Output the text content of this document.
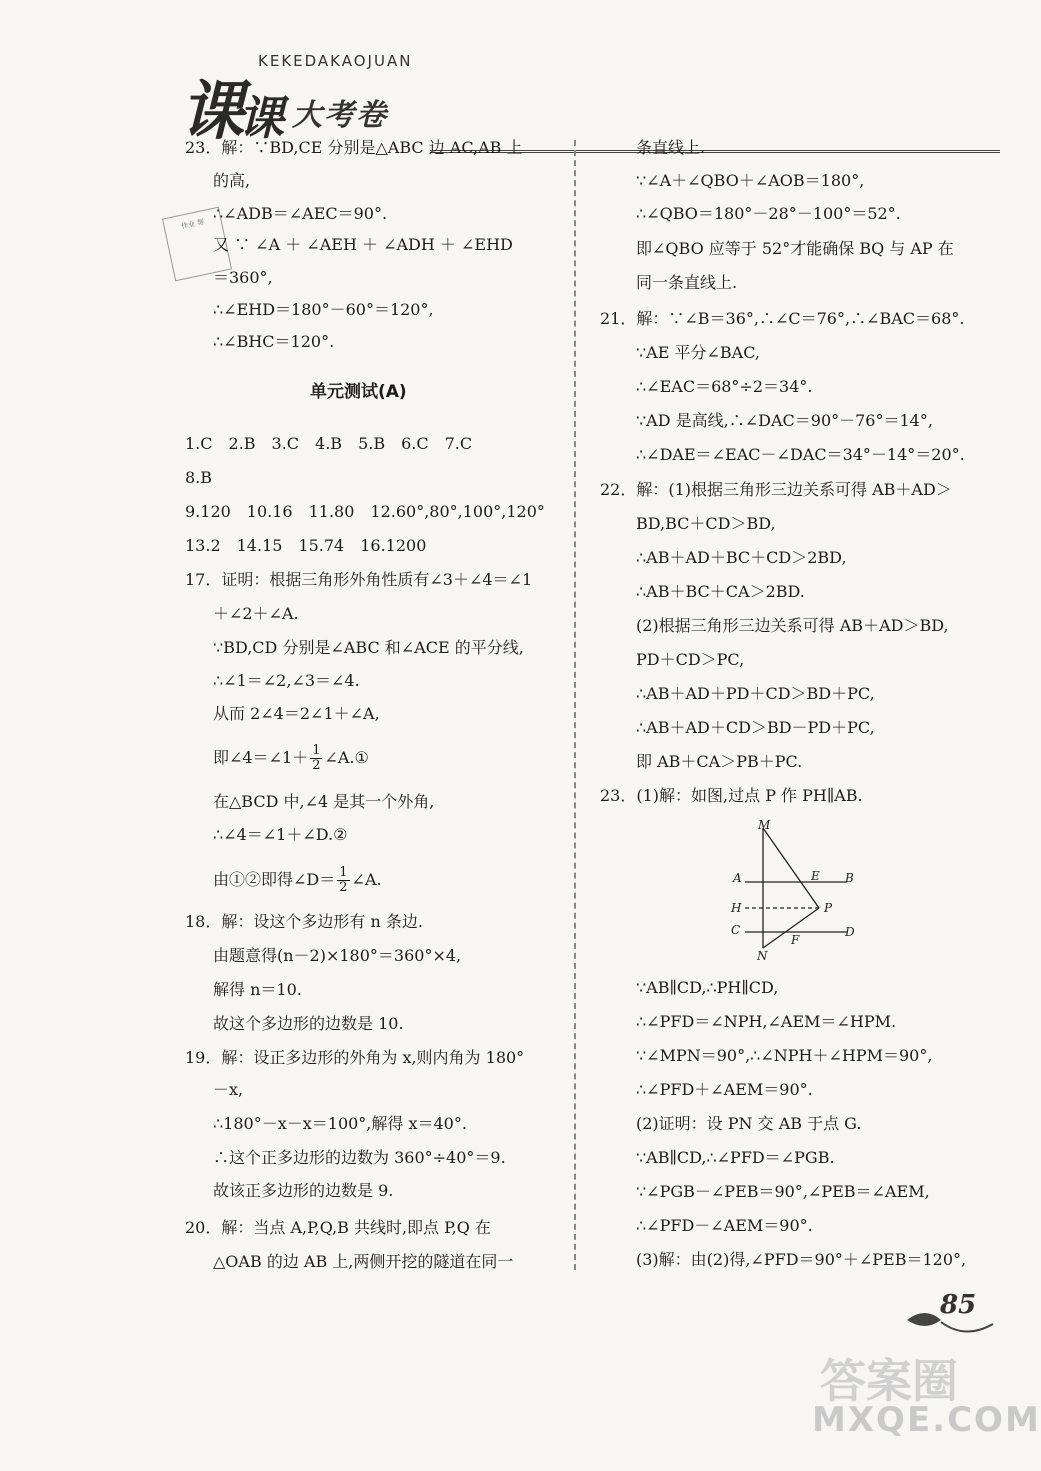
KEKEDAKAOJUAN
课
课 大考卷
作业 帮
23．解：∵BD,CE 分别是△ABC 边 AC,AB 上
的高,
∴∠ADB＝∠AEC＝90°.
又 ∵ ∠A ＋ ∠AEH ＋ ∠ADH ＋ ∠EHD
＝360°,
∴∠EHD＝180°－60°＝120°,
∴∠BHC＝120°.
单元测试(A)
1.C　2.B　3.C　4.B　5.B　6.C　7.C
8.B
9.120　10.16　11.80　12.60°,80°,100°,120°
13.2　14.15　15.74　16.1200
17．证明：根据三角形外角性质有∠3＋∠4＝∠1
＋∠2＋∠A.
∵BD,CD 分别是∠ABC 和∠ACE 的平分线,
∴∠1＝∠2,∠3＝∠4.
从而 2∠4＝2∠1＋∠A,
即∠4＝∠1＋ $\frac{1}{2}$ ∠A.①
在△BCD 中,∠4 是其一个外角,
∴∠4＝∠1＋∠D.②
由①②即得∠D＝ $\frac{1}{2}$ ∠A.
18．解：设这个多边形有 n 条边.
由题意得(n－2)×180°＝360°×4,
解得 n＝10.
故这个多边形的边数是 10.
19．解：设正多边形的外角为 x,则内角为 180°
－x,
∴180°－x－x＝100°,解得 x＝40°.
∴这个正多边形的边数为 360°÷40°＝9.
故该正多边形的边数是 9.
20．解：当点 A,P,Q,B 共线时,即点 P,Q 在
△OAB 的边 AB 上,两侧开挖的隧道在同一
条直线上.
∵∠A＋∠QBO＋∠AOB＝180°,
∴∠QBO＝180°－28°－100°＝52°.
即∠QBO 应等于 52°才能确保 BQ 与 AP 在
同一条直线上.
21．解：∵∠B＝36°,∴∠C＝76°,∴∠BAC＝68°.
∵AE 平分∠BAC,
∴∠EAC＝68°÷2＝34°.
∵AD 是高线,∴∠DAC＝90°－76°＝14°,
∴∠DAE＝∠EAC－∠DAC＝34°－14°＝20°.
22．解：(1)根据三角形三边关系可得 AB＋AD＞
BD,BC＋CD＞BD,
∴AB＋AD＋BC＋CD＞2BD,
∴AB＋BC＋CA＞2BD.
(2)根据三角形三边关系可得 AB＋AD＞BD,
PD＋CD＞PC,
∴AB＋AD＋PD＋CD＞BD＋PC,
∴AB＋AD＋CD＞BD－PD＋PC,
即 AB＋CA＞PB＋PC.
23．(1)解：如图,过点 P 作 PH∥AB.
∵AB∥CD,∴PH∥CD,
∴∠PFD＝∠NPH,∠AEM＝∠HPM.
∵∠MPN＝90°,∴∠NPH＋∠HPM＝90°,
∴∠PFD＋∠AEM＝90°.
(2)证明：设 PN 交 AB 于点 G.
∵AB∥CD,∴∠PFD＝∠PGB.
∵∠PGB－∠PEB＝90°,∠PEB＝∠AEM,
∴∠PFD－∠AEM＝90°.
(3)解：由(2)得,∠PFD＝90°＋∠PEB＝120°,
M
A	E B
H	P
C
F
D
N
85
答案圈
MXQE.COM
